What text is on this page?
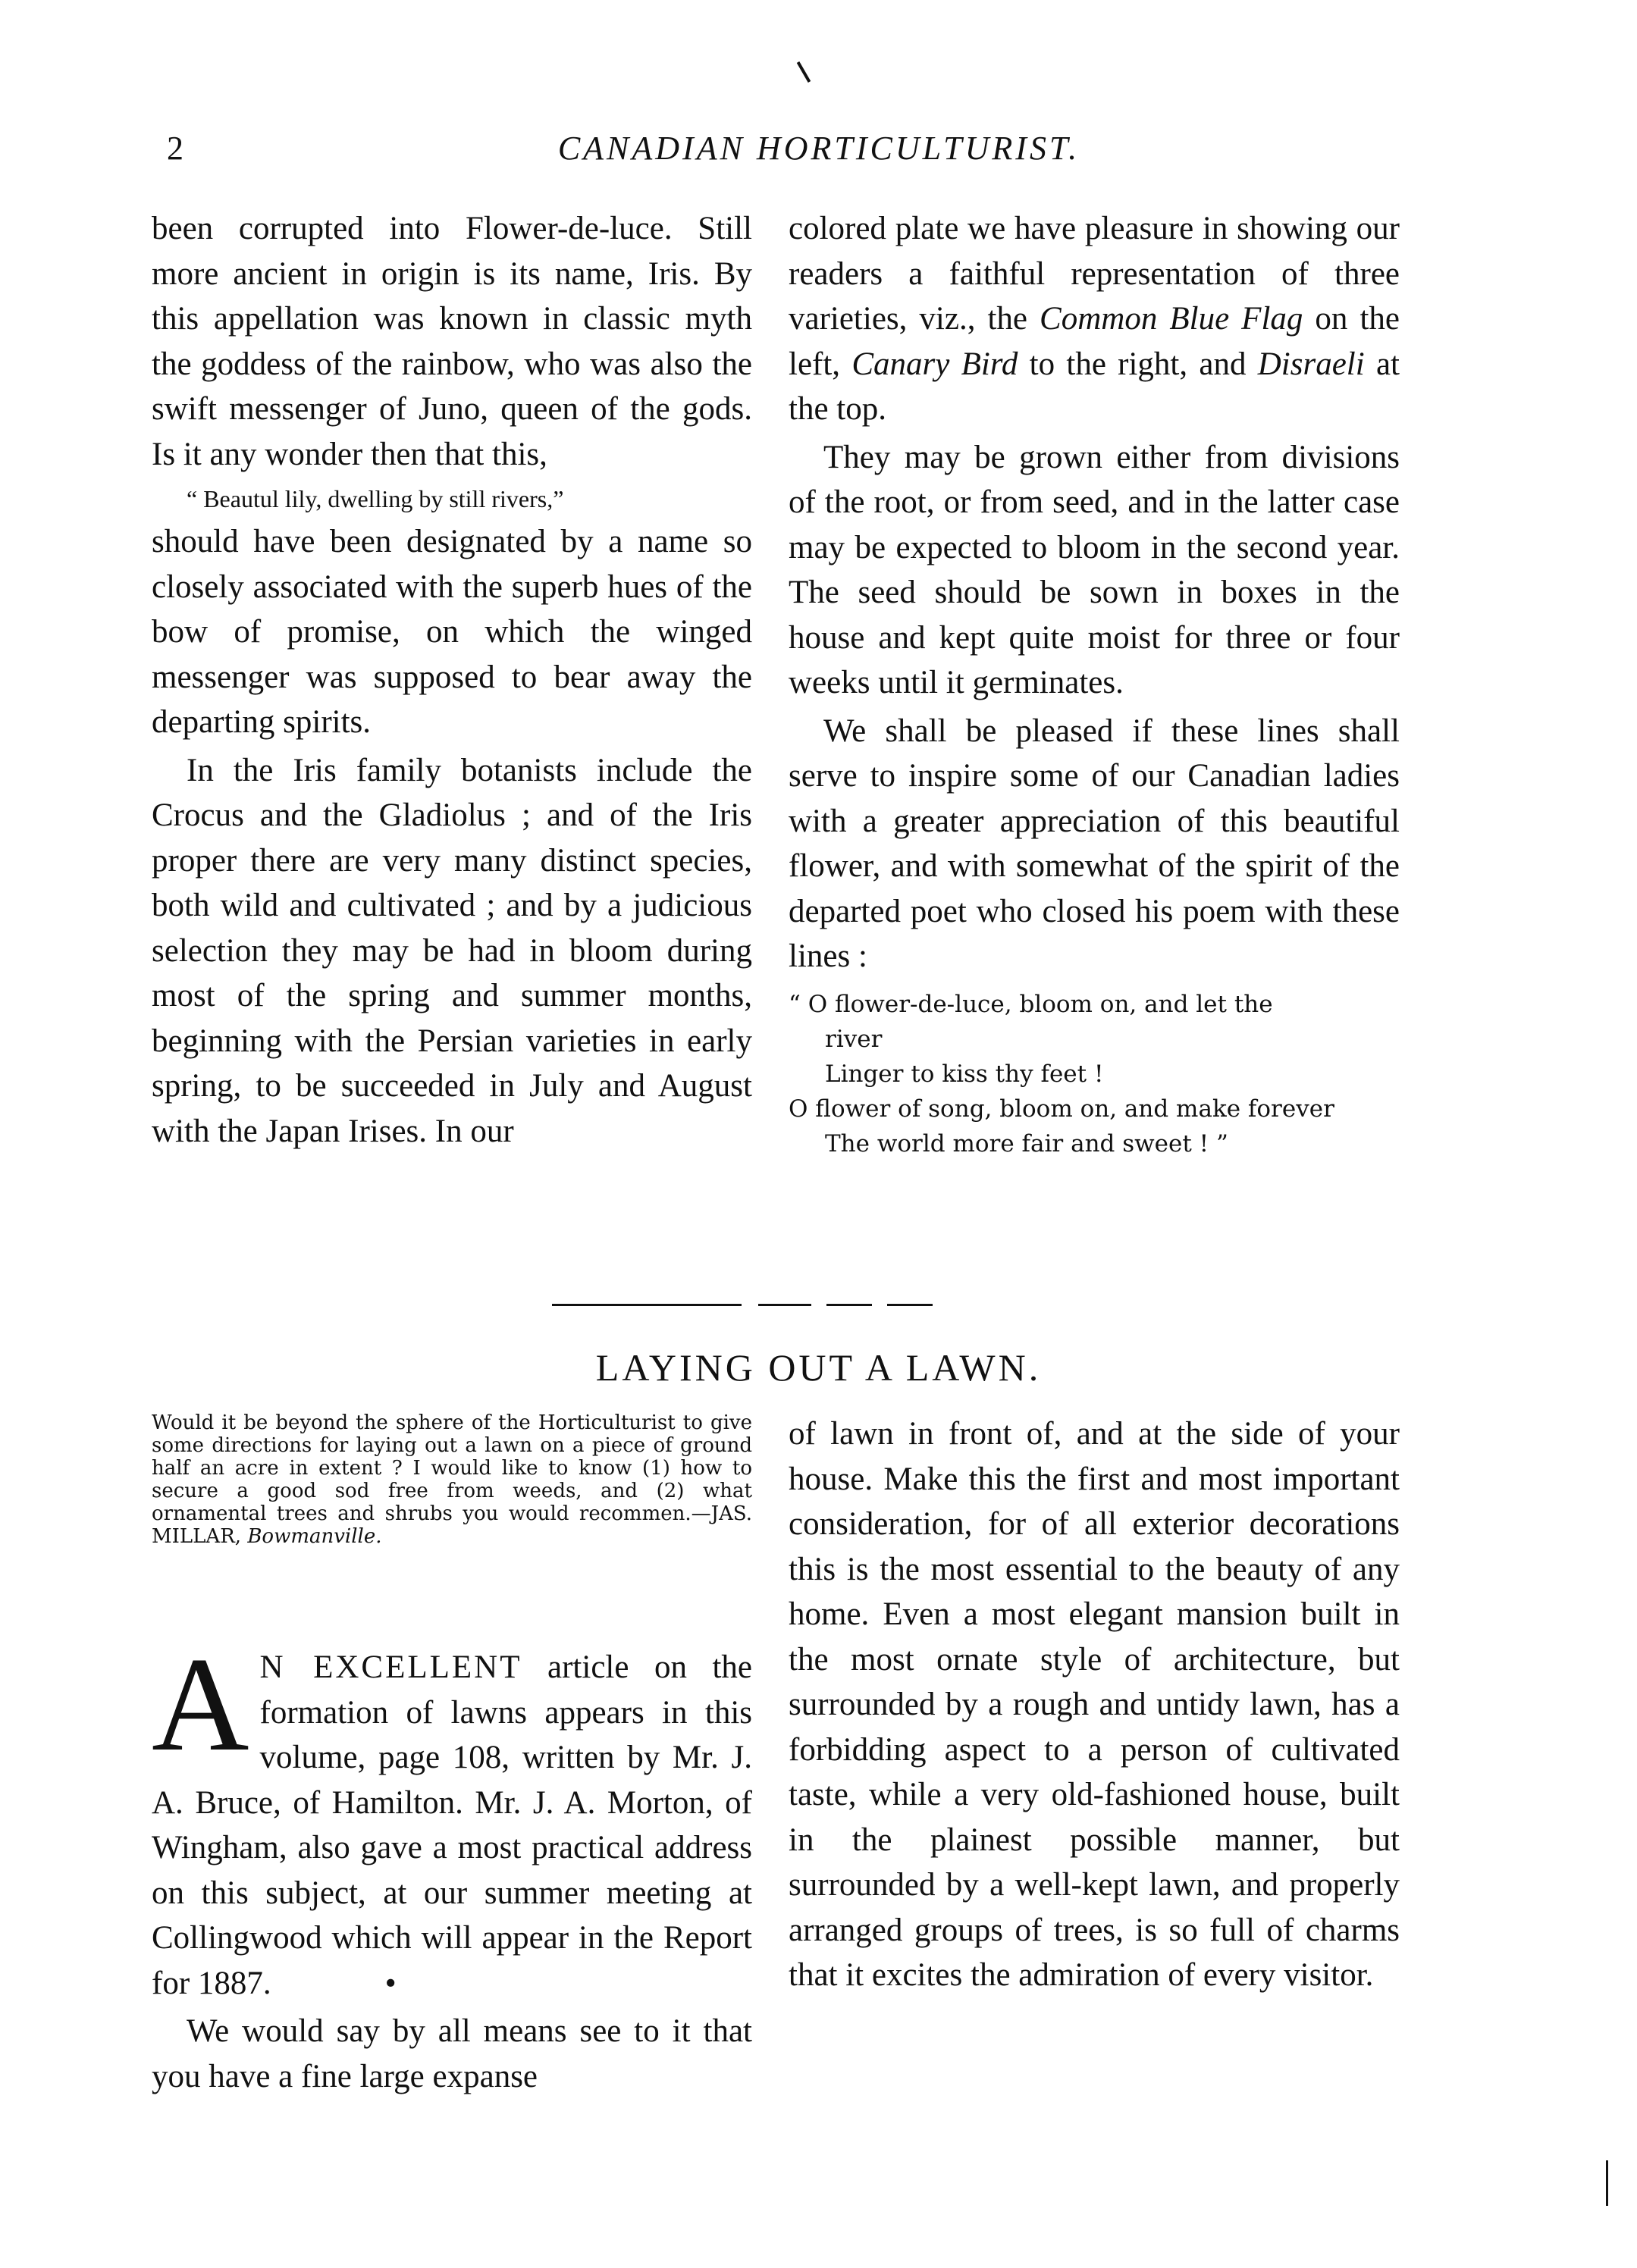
2	CANADIAN HORTICULTURIST.

been corrupted into Flower-de-luce. Still more ancient in origin is its name, Iris. By this appellation was known in classic myth the goddess of the rainbow, who was also the swift messenger of Juno, queen of the gods. Is it any wonder then that this,

“ Beautul lily, dwelling by still rivers,”

should have been designated by a name so closely associated with the superb hues of the bow of promise, on which the winged messenger was supposed to bear away the departing spirits.

In the Iris family botanists include the Crocus and the Gladiolus ; and of the Iris proper there are very many distinct species, both wild and cultivated ; and by a judicious selection they may be had in bloom during most of the spring and summer months, beginning with the Persian varieties in early spring, to be succeeded in July and August with the Japan Irises. In our

colored plate we have pleasure in showing our readers a faithful representation of three varieties, viz., the Common Blue Flag on the left, Canary Bird to the right, and Disraeli at the top.

They may be grown either from divisions of the root, or from seed, and in the latter case may be expected to bloom in the second year. The seed should be sown in boxes in the house and kept quite moist for three or four weeks until it germinates.

We shall be pleased if these lines shall serve to inspire some of our Canadian ladies with a greater appreciation of this beautiful flower, and with somewhat of the spirit of the departed poet who closed his poem with these lines :

“ O flower-de-luce, bloom on, and let the
river
Linger to kiss thy feet !
O flower of song, bloom on, and make forever
The world more fair and sweet ! ”
LAYING OUT A LAWN.
Would it be beyond the sphere of the Horticulturist to give some directions for laying out a lawn on a piece of ground half an acre in extent ? I would like to know (1) how to secure a good sod free from weeds, and (2) what ornamental trees and shrubs you would recommen.—JAS. MILLAR, Bowmanville.

A N EXCELLENT article on the formation of lawns appears in this volume, page 108, written by Mr. J. A. Bruce, of Hamilton. Mr. J. A. Morton, of Wingham, also gave a most practical address on this subject, at our summer meeting at Collingwood which will appear in the Report for 1887.	•

We would say by all means see to it that you have a fine large expanse

of lawn in front of, and at the side of your house. Make this the first and most important consideration, for of all exterior decorations this is the most essential to the beauty of any home. Even a most elegant mansion built in the most ornate style of architecture, but surrounded by a rough and untidy lawn, has a forbidding aspect to a person of cultivated taste, while a very old-fashioned house, built in the plainest possible manner, but surrounded by a well-kept lawn, and properly arranged groups of trees, is so full of charms that it excites the admiration of every visitor.
